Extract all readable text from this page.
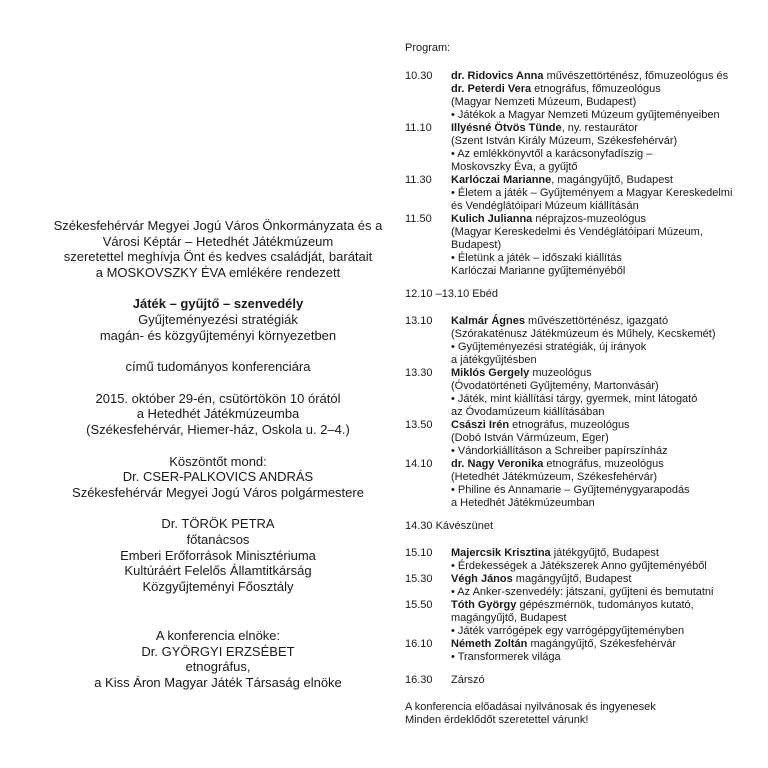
Székesfehérvár Megyei Jogú Város Önkormányzata és a
Városi Képtár – Hetedhét Játékmúzeum
szeretettel meghívja Önt és kedves családját, barátait
a MOSKOVSZKY ÉVA emlékére rendezett
Játék – gyűjtő – szenvedély
Gyűjteményezési stratégiák
magán- és közgyűjteményi környezetben
című tudományos konferenciára
2015. október 29-én, csütörtökön 10 órától
a Hetedhét Játékmúzeumba
(Székesfehérvár, Hiemer-ház, Oskola u. 2–4.)
Köszöntőt mond:
Dr. CSER-PALKOVICS ANDRÁS
Székesfehérvár Megyei Jogú Város polgármestere
Dr. TÖRÖK PETRA
főtanácsos
Emberi Erőforrások Minisztériuma
Kultúráért Felelős Államtitkárság
Közgyűjteményi Főosztály
A konferencia elnöke:
Dr. GYÖRGYI ERZSÉBET
etnográfus,
a Kiss Áron Magyar Játék Társaság elnöke
Program:
10.30	dr. Ridovics Anna művészettörténész, főmuzeológus és
dr. Peterdi Vera etnográfus, főmuzeológus
(Magyar Nemzeti Múzeum, Budapest)
• Játékok a Magyar Nemzeti Múzeum gyűjteményeiben
11.10	Illyésné Ötvös Tünde, ny. restaurátor
(Szent István Király Múzeum, Székesfehérvár)
• Az emlékkönyvtől a karácsonyfadíszig –
Moskovszky Éva, a gyűjtő
11.30	Karlóczai Marianne, magángyűjtő, Budapest
• Életem a játék – Gyűjteményem a Magyar Kereskedelmi
és Vendéglátóipari Múzeum kiállításán
11.50	Kulich Julianna néprajzos-muzeológus
(Magyar Kereskedelmi és Vendéglátóipari Múzeum,
Budapest)
• Életünk a játék – időszaki kiállítás
Karlóczai Marianne gyűjteményéből
12.10 –13.10 Ebéd
13.10	Kalmár Ágnes művészettörténész, igazgató
(Szórakaténusz Játékmúzeum és Műhely, Kecskemét)
• Gyűjteményezési stratégiák, új irányok
a játékgyűjtésben
13.30	Miklós Gergely muzeológus
(Óvodatörténeti Gyűjtemény, Martonvásár)
• Játék, mint kiállítási tárgy, gyermek, mint látogató
az Óvodamúzeum kiállításában
13.50	Császi Irén etnográfus, muzeológus
(Dobó István Vármúzeum, Eger)
• Vándorkiállításon a Schreiber papírszínház
14.10	dr. Nagy Veronika etnográfus, muzeológus
(Hetedhét Játékmúzeum, Székesfehérvár)
• Philine és Annamarie – Gyűjteménygyarapodás
a Hetedhét Játékmúzeumban
14.30 Kávészünet
15.10	Majercsik Krisztina játékgyűjtő, Budapest
• Érdekességek a Játékszerek Anno gyűjteményéből
15.30	Végh János magángyűjtő, Budapest
• Az Anker-szenvedély: játszani, gyűjteni és bemutatni
15.50	Tóth György gépészmérnök, tudományos kutató,
magángyűjtő, Budapest
• Játék varrógépek egy varrógépgyűjteményben
16.10	Németh Zoltán magángyűjtő, Székesfehérvár
• Transformerek világa
16.30	Zárszó
A konferencia előadásai nyilvánosak és ingyenesek
Minden érdeklődőt szeretettel várunk!
